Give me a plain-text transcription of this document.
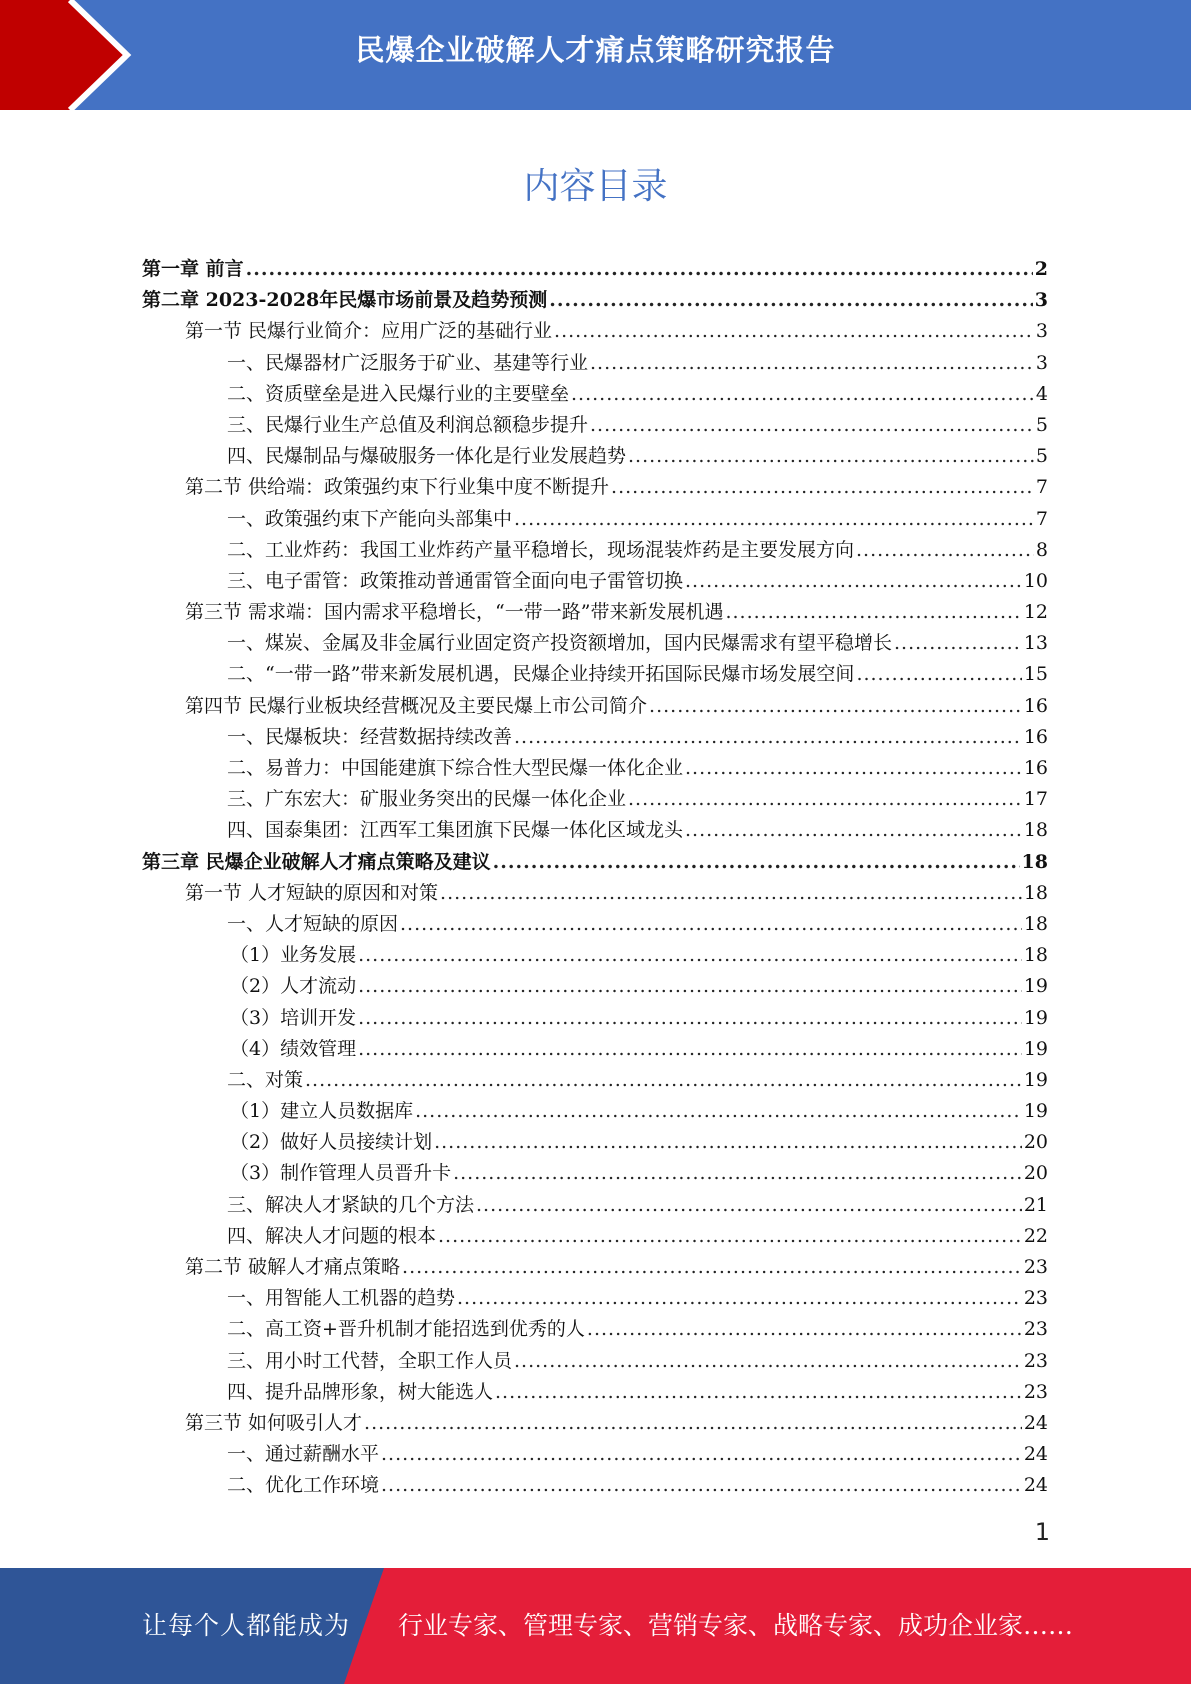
民爆企业破解人才痛点策略研究报告
内容目录
第一章 前言 .....	2
第二章 2023-2028年民爆市场前景及趋势预测 .....	3
第一节 民爆行业简介：应用广泛的基础行业 .....	3
一、民爆器材广泛服务于矿业、基建等行业 .....	3
二、资质壁垒是进入民爆行业的主要壁垒 .....	4
三、民爆行业生产总值及利润总额稳步提升 .....	5
四、民爆制品与爆破服务一体化是行业发展趋势 .....	5
第二节 供给端：政策强约束下行业集中度不断提升 .....	7
一、政策强约束下产能向头部集中 .....	7
二、工业炸药：我国工业炸药产量平稳增长，现场混装炸药是主要发展方向 .....	8
三、电子雷管：政策推动普通雷管全面向电子雷管切换 .....	10
第三节 需求端：国内需求平稳增长，“一带一路”带来新发展机遇 .....	12
一、煤炭、金属及非金属行业固定资产投资额增加，国内民爆需求有望平稳增长 .....	13
二、“一带一路”带来新发展机遇，民爆企业持续开拓国际民爆市场发展空间 .....	15
第四节 民爆行业板块经营概况及主要民爆上市公司简介 .....	16
一、民爆板块：经营数据持续改善 .....	16
二、易普力：中国能建旗下综合性大型民爆一体化企业 .....	16
三、广东宏大：矿服业务突出的民爆一体化企业 .....	17
四、国泰集团：江西军工集团旗下民爆一体化区域龙头 .....	18
第三章 民爆企业破解人才痛点策略及建议 .....	18
第一节 人才短缺的原因和对策 .....	18
一、人才短缺的原因 .....	18
（1）业务发展 .....	18
（2）人才流动 .....	19
（3）培训开发 .....	19
（4）绩效管理 .....	19
二、对策 .....	19
（1）建立人员数据库 .....	19
（2）做好人员接续计划 .....	20
（3）制作管理人员晋升卡 .....	20
三、解决人才紧缺的几个方法 .....	21
四、解决人才问题的根本 .....	22
第二节 破解人才痛点策略 .....	23
一、用智能人工机器的趋势 .....	23
二、高工资+晋升机制才能招选到优秀的人 .....	23
三、用小时工代替，全职工作人员 .....	23
四、提升品牌形象，树大能选人 .....	23
第三节 如何吸引人才 .....	24
一、通过薪酬水平 .....	24
二、优化工作环境 .....	24
1
让每个人都能成为 行业专家、管理专家、营销专家、战略专家、成功企业家……
